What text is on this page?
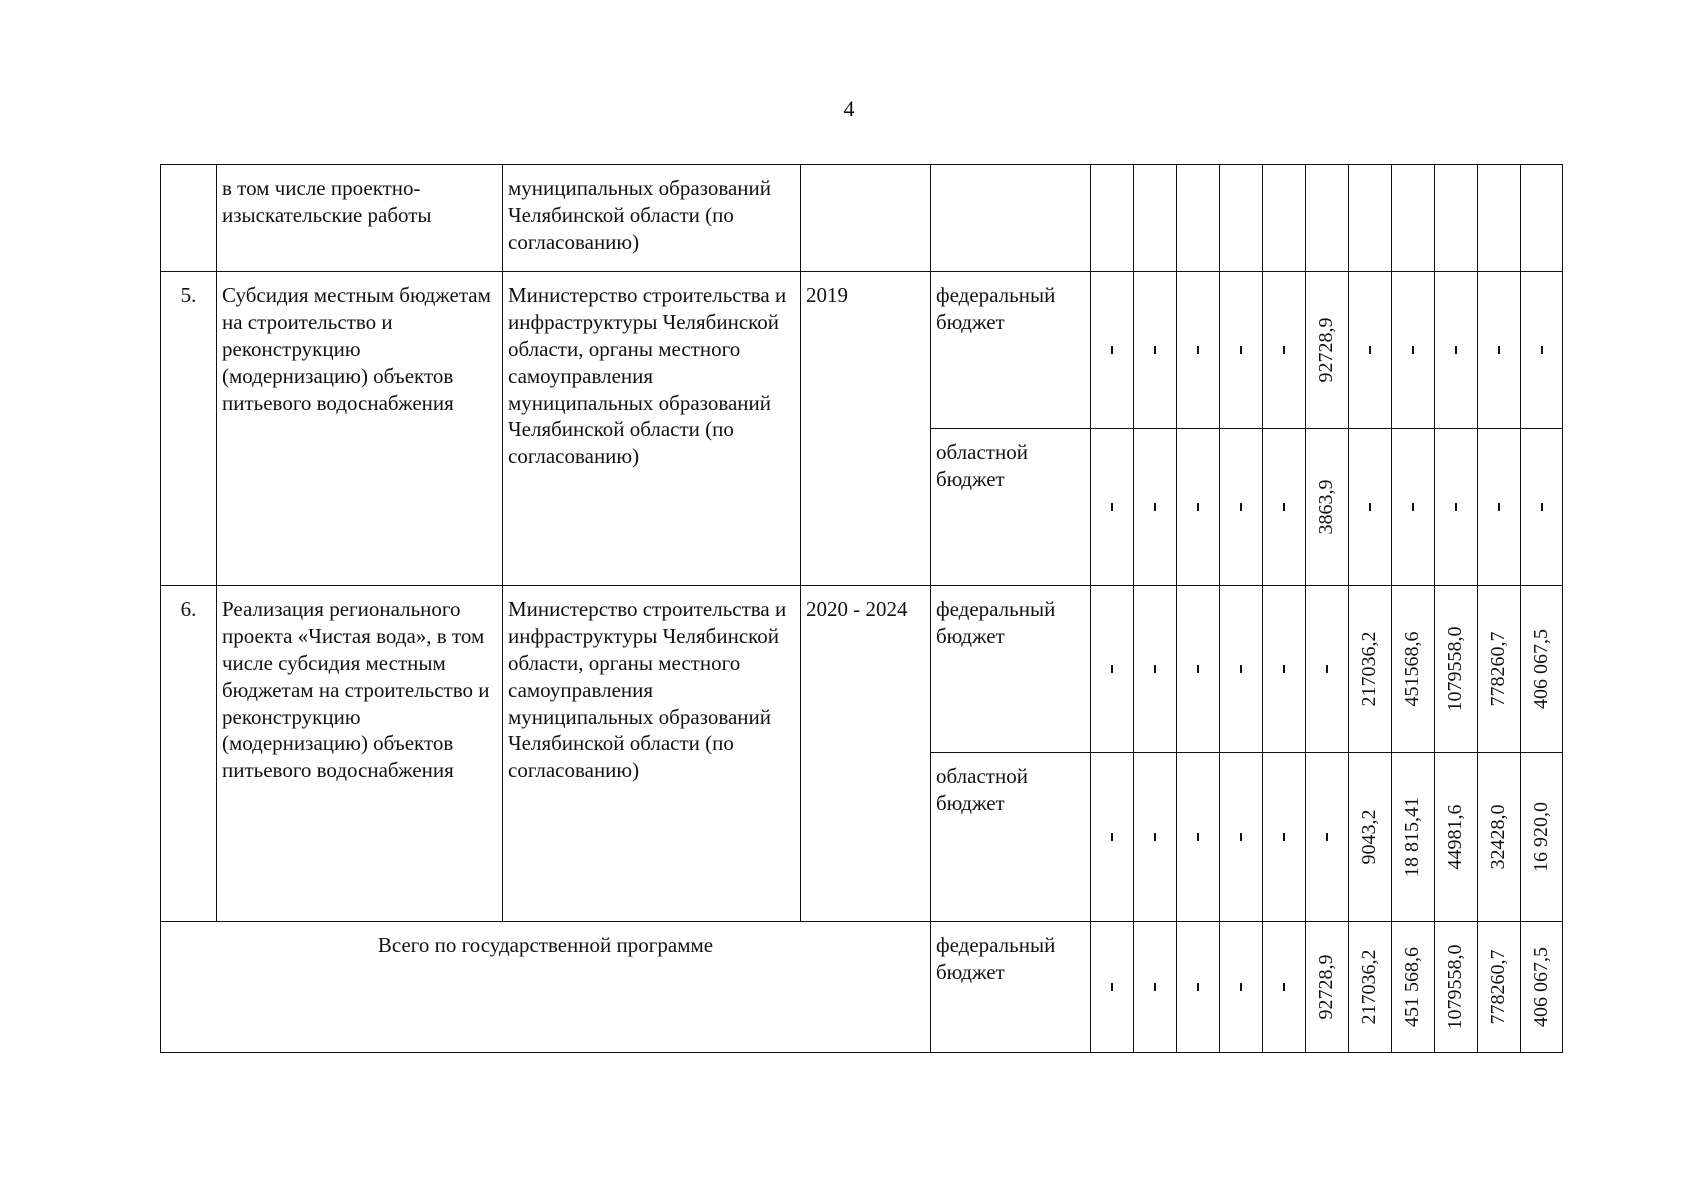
4
	в том числе проектно-изыскательские работы	муниципальных образований Челябинской области (по согласованию)													
5.	Субсидия местным бюджетам на строительство и реконструкцию (модернизацию) объектов питьевого водоснабжения	Министерство строительства и инфраструктуры Челябинской области, органы местного самоуправления муниципальных образований Челябинской области (по согласованию)	2019	федеральный бюджет						92728,9					

				областной бюджет						3863,9					

6.	Реализация регионального проекта «Чистая вода», в том числе субсидия местным бюджетам на строительство и реконструкцию (модернизацию) объектов питьевого водоснабжения	Министерство строительства и инфраструктуры Челябинской области, органы местного самоуправления муниципальных образований Челябинской области (по согласованию)	2020 - 2024	федеральный бюджет							217036,2	451568,6	1079558,0	778260,7	406 067,5

				областной бюджет							9043,2	18 815,41	44981,6	32428,0	16 920,0

Всего по государственной программе				федеральный бюджет						92728,9	217036,2	451 568,6	1079558,0	778260,7	406 067,5
